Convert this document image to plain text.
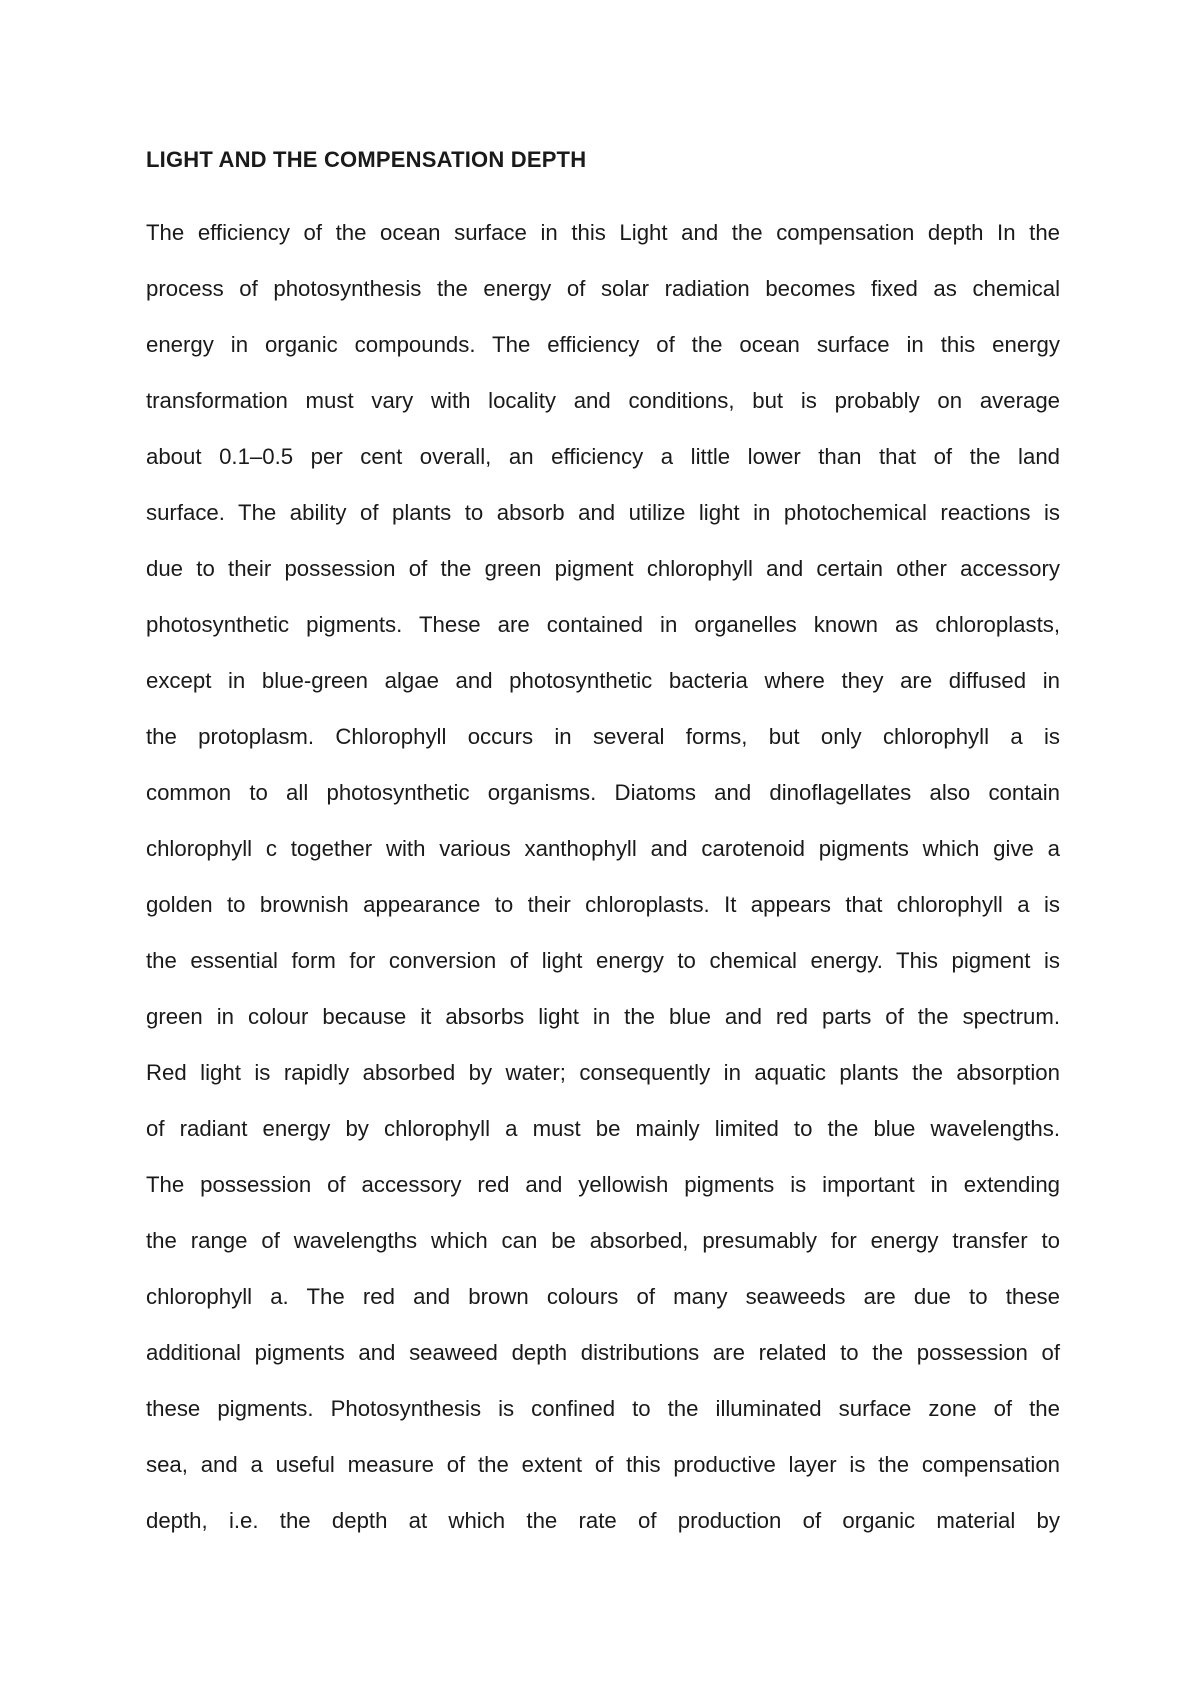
LIGHT AND THE COMPENSATION DEPTH
The efficiency of the ocean surface in this Light and the compensation depth In the
process of photosynthesis the energy of solar radiation becomes fixed as chemical
energy in organic compounds. The efficiency of the ocean surface in this energy
transformation must vary with locality and conditions, but is probably on average
about 0.1–0.5 per cent overall, an efficiency a little lower than that of the land
surface. The ability of plants to absorb and utilize light in photochemical reactions is
due to their possession of the green pigment chlorophyll and certain other accessory
photosynthetic pigments. These are contained in organelles known as chloroplasts,
except in blue-green algae and photosynthetic bacteria where they are diffused in
the protoplasm. Chlorophyll occurs in several forms, but only chlorophyll a is
common to all photosynthetic organisms. Diatoms and dinoflagellates also contain
chlorophyll c together with various xanthophyll and carotenoid pigments which give a
golden to brownish appearance to their chloroplasts. It appears that chlorophyll a is
the essential form for conversion of light energy to chemical energy. This pigment is
green in colour because it absorbs light in the blue and red parts of the spectrum.
Red light is rapidly absorbed by water; consequently in aquatic plants the absorption
of radiant energy by chlorophyll a must be mainly limited to the blue wavelengths.
The possession of accessory red and yellowish pigments is important in extending
the range of wavelengths which can be absorbed, presumably for energy transfer to
chlorophyll a. The red and brown colours of many seaweeds are due to these
additional pigments and seaweed depth distributions are related to the possession of
these pigments. Photosynthesis is confined to the illuminated surface zone of the
sea, and a useful measure of the extent of this productive layer is the compensation
depth, i.e. the depth at which the rate of production of organic material by
